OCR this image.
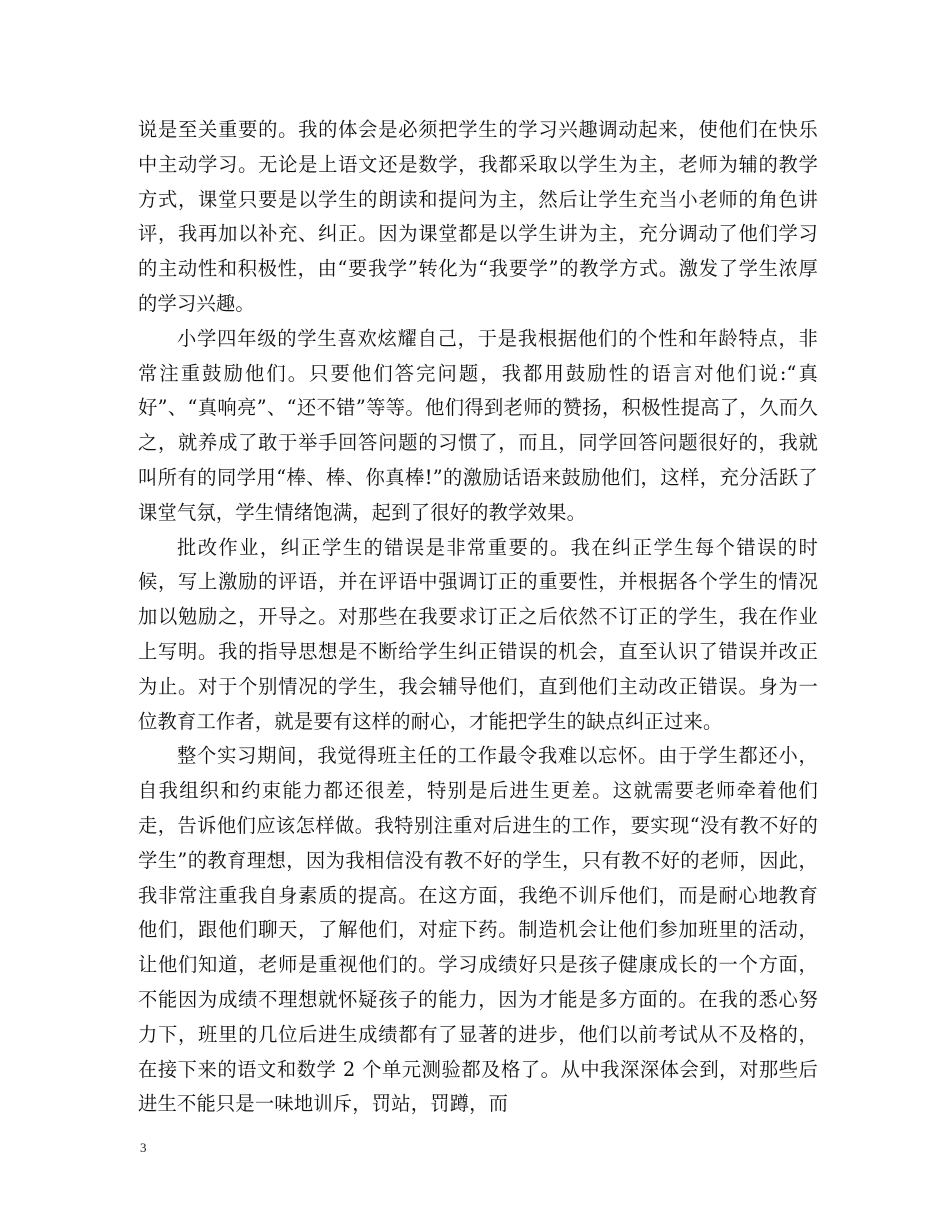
说是至关重要的。我的体会是必须把学生的学习兴趣调动起来，使他们在快乐中主动学习。无论是上语文还是数学，我都采取以学生为主，老师为辅的教学方式，课堂只要是以学生的朗读和提问为主，然后让学生充当小老师的角色讲评，我再加以补充、纠正。因为课堂都是以学生讲为主，充分调动了他们学习的主动性和积极性，由“要我学”转化为“我要学”的教学方式。激发了学生浓厚的学习兴趣。

小学四年级的学生喜欢炫耀自己，于是我根据他们的个性和年龄特点，非常注重鼓励他们。只要他们答完问题，我都用鼓励性的语言对他们说:“真好”、“真响亮”、“还不错”等等。他们得到老师的赞扬，积极性提高了，久而久之，就养成了敢于举手回答问题的习惯了，而且，同学回答问题很好的，我就叫所有的同学用“棒、棒、你真棒!”的激励话语来鼓励他们，这样，充分活跃了课堂气氛，学生情绪饱满，起到了很好的教学效果。

批改作业，纠正学生的错误是非常重要的。我在纠正学生每个错误的时候，写上激励的评语，并在评语中强调订正的重要性，并根据各个学生的情况加以勉励之，开导之。对那些在我要求订正之后依然不订正的学生，我在作业上写明。我的指导思想是不断给学生纠正错误的机会，直至认识了错误并改正为止。对于个别情况的学生，我会辅导他们，直到他们主动改正错误。身为一位教育工作者，就是要有这样的耐心，才能把学生的缺点纠正过来。

整个实习期间，我觉得班主任的工作最令我难以忘怀。由于学生都还小，自我组织和约束能力都还很差，特别是后进生更差。这就需要老师牵着他们走，告诉他们应该怎样做。我特别注重对后进生的工作，要实现“没有教不好的学生”的教育理想，因为我相信没有教不好的学生，只有教不好的老师，因此，我非常注重我自身素质的提高。在这方面，我绝不训斥他们，而是耐心地教育他们，跟他们聊天，了解他们，对症下药。制造机会让他们参加班里的活动，让他们知道，老师是重视他们的。学习成绩好只是孩子健康成长的一个方面，不能因为成绩不理想就怀疑孩子的能力，因为才能是多方面的。在我的悉心努力下，班里的几位后进生成绩都有了显著的进步，他们以前考试从不及格的，在接下来的语文和数学 2 个单元测验都及格了。从中我深深体会到，对那些后进生不能只是一味地训斥，罚站，罚蹲，而

3
